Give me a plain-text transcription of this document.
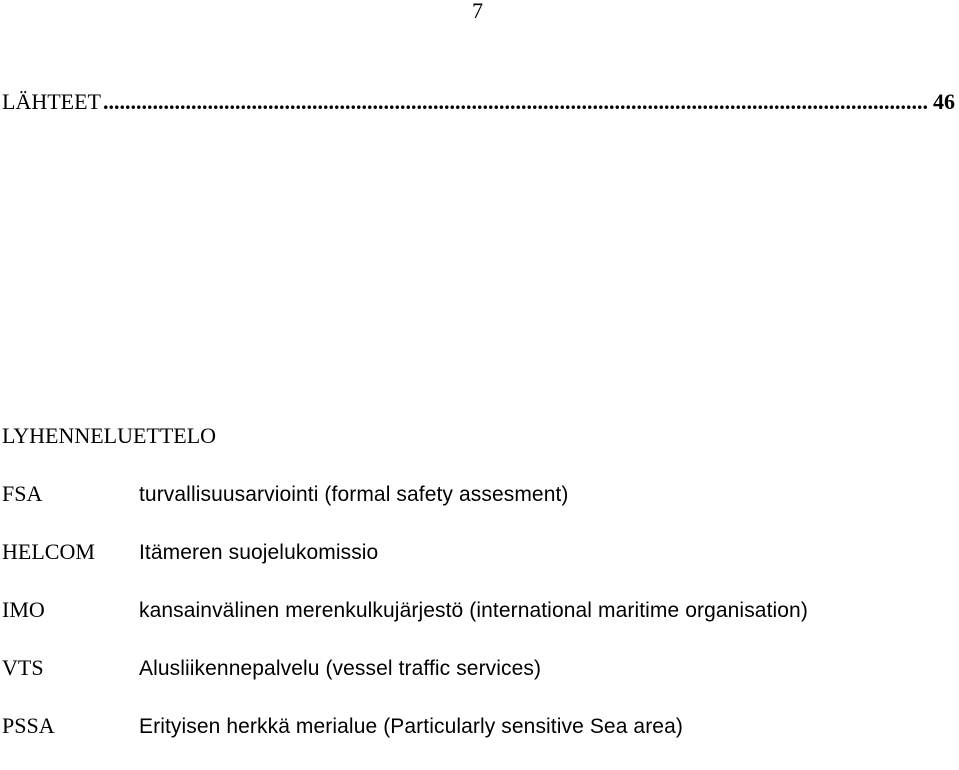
7
LÄHTEET
.....	46
LYHENNELUETTELO
FSA	turvallisuusarviointi (formal safety assesment)
HELCOM	Itämeren suojelukomissio
IMO	kansainvälinen merenkulkujärjestö (international maritime organisation)
VTS	Alusliikennepalvelu (vessel traffic services)
PSSA	Erityisen herkkä merialue (Particularly sensitive Sea area)
